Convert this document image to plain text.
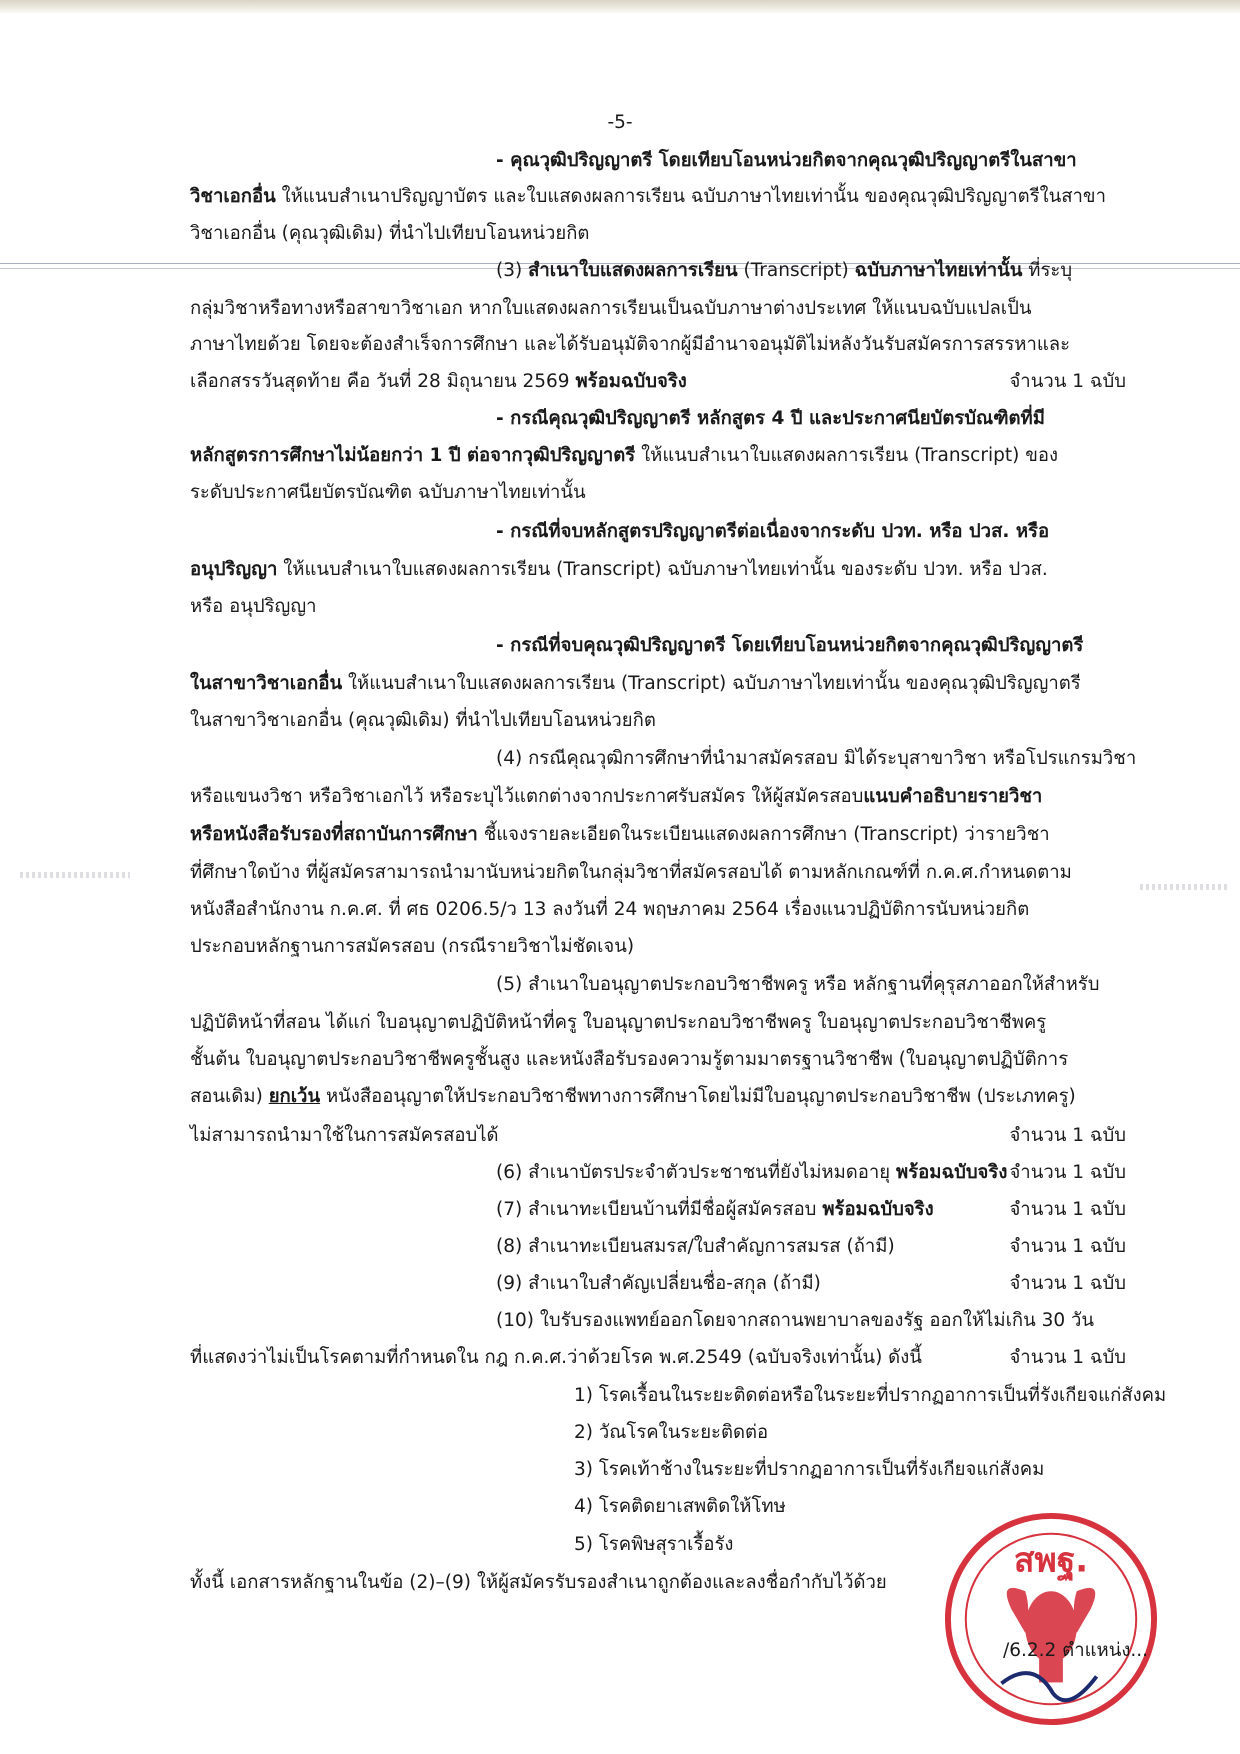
-5-
- คุณวุฒิปริญญาตรี โดยเทียบโอนหน่วยกิตจากคุณวุฒิปริญญาตรีในสาขา
วิชาเอกอื่น ให้แนบสำเนาปริญญาบัตร และใบแสดงผลการเรียน ฉบับภาษาไทยเท่านั้น ของคุณวุฒิปริญญาตรีในสาขา
วิชาเอกอื่น (คุณวุฒิเดิม) ที่นำไปเทียบโอนหน่วยกิต
(3) สำเนาใบแสดงผลการเรียน (Transcript) ฉบับภาษาไทยเท่านั้น ที่ระบุ
กลุ่มวิชาหรือทางหรือสาขาวิชาเอก หากใบแสดงผลการเรียนเป็นฉบับภาษาต่างประเทศ ให้แนบฉบับแปลเป็น
ภาษาไทยด้วย โดยจะต้องสำเร็จการศึกษา และได้รับอนุมัติจากผู้มีอำนาจอนุมัติไม่หลังวันรับสมัครการสรรหาและ
เลือกสรรวันสุดท้าย คือ วันที่ 28 มิถุนายน 2569 พร้อมฉบับจริง	จำนวน 1 ฉบับ
- กรณีคุณวุฒิปริญญาตรี หลักสูตร 4 ปี และประกาศนียบัตรบัณฑิตที่มี
หลักสูตรการศึกษาไม่น้อยกว่า 1 ปี ต่อจากวุฒิปริญญาตรี ให้แนบสำเนาใบแสดงผลการเรียน (Transcript) ของ
ระดับประกาศนียบัตรบัณฑิต ฉบับภาษาไทยเท่านั้น
- กรณีที่จบหลักสูตรปริญญาตรีต่อเนื่องจากระดับ ปวท. หรือ ปวส. หรือ
อนุปริญญา ให้แนบสำเนาใบแสดงผลการเรียน (Transcript) ฉบับภาษาไทยเท่านั้น ของระดับ ปวท. หรือ ปวส.
หรือ อนุปริญญา
- กรณีที่จบคุณวุฒิปริญญาตรี โดยเทียบโอนหน่วยกิตจากคุณวุฒิปริญญาตรี
ในสาขาวิชาเอกอื่น ให้แนบสำเนาใบแสดงผลการเรียน (Transcript) ฉบับภาษาไทยเท่านั้น ของคุณวุฒิปริญญาตรี
ในสาขาวิชาเอกอื่น (คุณวุฒิเดิม) ที่นำไปเทียบโอนหน่วยกิต
(4) กรณีคุณวุฒิการศึกษาที่นำมาสมัครสอบ มิได้ระบุสาขาวิชา หรือโปรแกรมวิชา
หรือแขนงวิชา หรือวิชาเอกไว้ หรือระบุไว้แตกต่างจากประกาศรับสมัคร ให้ผู้สมัครสอบแนบคำอธิบายรายวิชา
หรือหนังสือรับรองที่สถาบันการศึกษา ชี้แจงรายละเอียดในระเบียนแสดงผลการศึกษา (Transcript) ว่ารายวิชา
ที่ศึกษาใดบ้าง ที่ผู้สมัครสามารถนำมานับหน่วยกิตในกลุ่มวิชาที่สมัครสอบได้ ตามหลักเกณฑ์ที่ ก.ค.ศ.กำหนดตาม
หนังสือสำนักงาน ก.ค.ศ. ที่ ศธ 0206.5/ว 13 ลงวันที่ 24 พฤษภาคม 2564 เรื่องแนวปฏิบัติการนับหน่วยกิต
ประกอบหลักฐานการสมัครสอบ (กรณีรายวิชาไม่ชัดเจน)
(5) สำเนาใบอนุญาตประกอบวิชาชีพครู หรือ หลักฐานที่คุรุสภาออกให้สำหรับ
ปฏิบัติหน้าที่สอน ได้แก่ ใบอนุญาตปฏิบัติหน้าที่ครู ใบอนุญาตประกอบวิชาชีพครู ใบอนุญาตประกอบวิชาชีพครู
ชั้นต้น ใบอนุญาตประกอบวิชาชีพครูชั้นสูง และหนังสือรับรองความรู้ตามมาตรฐานวิชาชีพ (ใบอนุญาตปฏิบัติการ
สอนเดิม) ยกเว้น หนังสืออนุญาตให้ประกอบวิชาชีพทางการศึกษาโดยไม่มีใบอนุญาตประกอบวิชาชีพ (ประเภทครู)
ไม่สามารถนำมาใช้ในการสมัครสอบได้	จำนวน 1 ฉบับ
(6) สำเนาบัตรประจำตัวประชาชนที่ยังไม่หมดอายุ พร้อมฉบับจริง จำนวน 1 ฉบับ
(7) สำเนาทะเบียนบ้านที่มีชื่อผู้สมัครสอบ พร้อมฉบับจริง	จำนวน 1 ฉบับ
(8) สำเนาทะเบียนสมรส/ใบสำคัญการสมรส (ถ้ามี)	จำนวน 1 ฉบับ
(9) สำเนาใบสำคัญเปลี่ยนชื่อ-สกุล (ถ้ามี)	จำนวน 1 ฉบับ
(10) ใบรับรองแพทย์ออกโดยจากสถานพยาบาลของรัฐ ออกให้ไม่เกิน 30 วัน
ที่แสดงว่าไม่เป็นโรคตามที่กำหนดใน กฎ ก.ค.ศ.ว่าด้วยโรค พ.ศ.2549 (ฉบับจริงเท่านั้น) ดังนี้	จำนวน 1 ฉบับ
1) โรคเรื้อนในระยะติดต่อหรือในระยะที่ปรากฏอาการเป็นที่รังเกียจแก่สังคม
2) วัณโรคในระยะติดต่อ
3) โรคเท้าช้างในระยะที่ปรากฏอาการเป็นที่รังเกียจแก่สังคม
4) โรคติดยาเสพติดให้โทษ
5) โรคพิษสุราเรื้อรัง
ทั้งนี้ เอกสารหลักฐานในข้อ (2)–(9) ให้ผู้สมัครรับรองสำเนาถูกต้องและลงชื่อกำกับไว้ด้วย
สพฐ.
/6.2.2 ตำแหน่ง...
